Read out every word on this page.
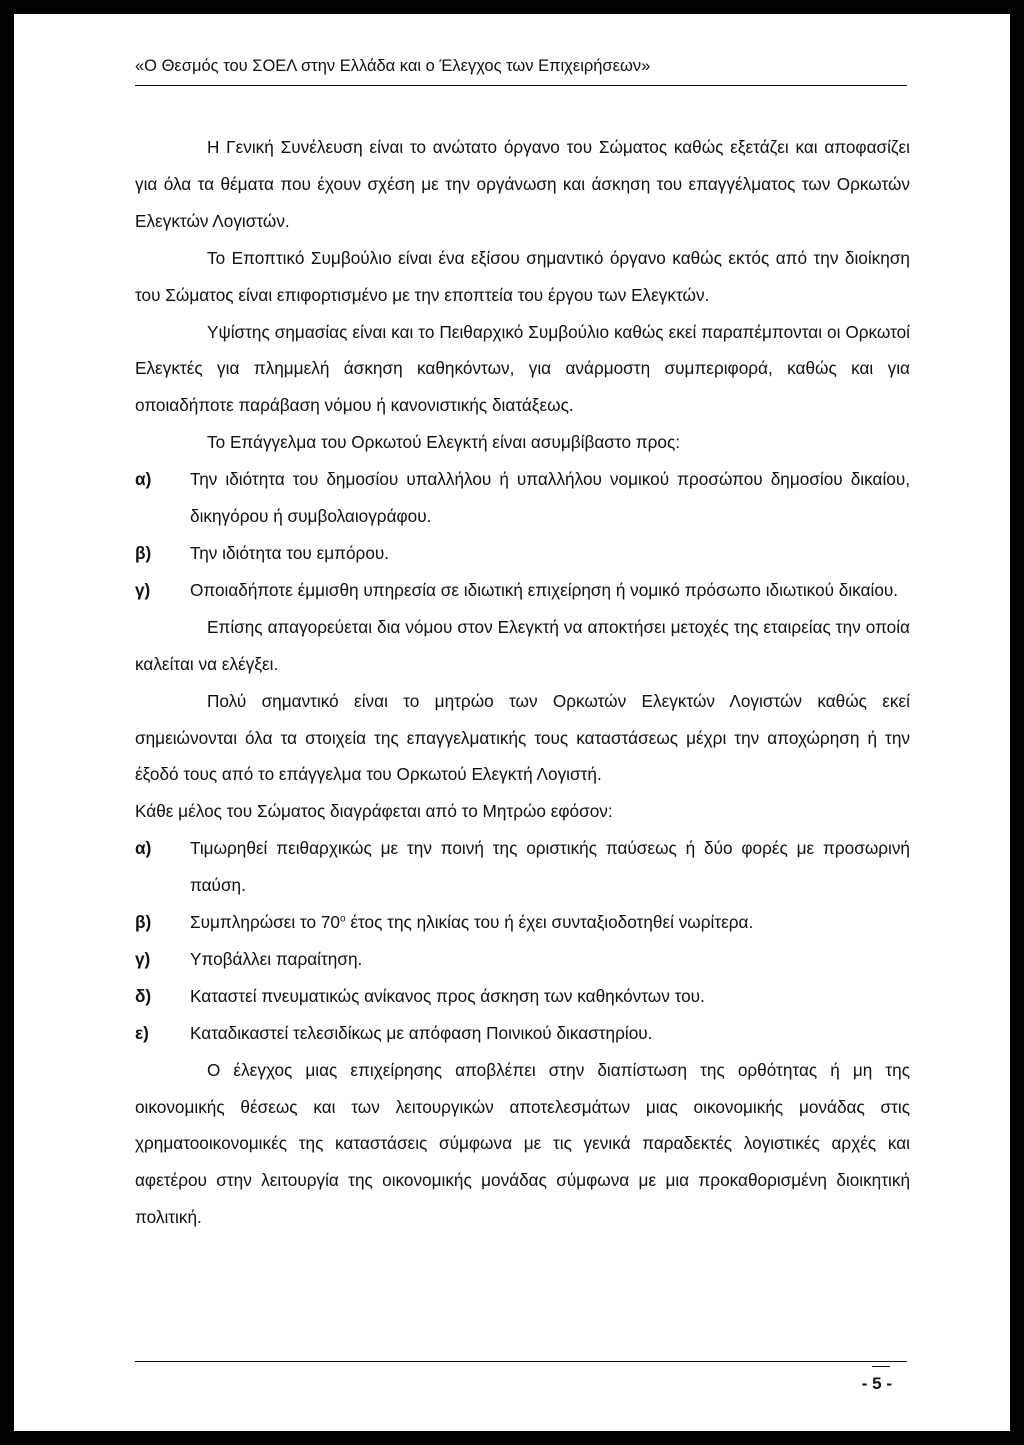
«Ο Θεσμός του ΣΟΕΛ στην Ελλάδα και ο Έλεγχος των Επιχειρήσεων»

Η Γενική Συνέλευση είναι το ανώτατο όργανο του Σώματος καθώς εξετάζει και αποφασίζει για όλα τα θέματα που έχουν σχέση με την οργάνωση και άσκηση του επαγγέλματος των Ορκωτών Ελεγκτών Λογιστών.

Το Εποπτικό Συμβούλιο είναι ένα εξίσου σημαντικό όργανο καθώς εκτός από την διοίκηση του Σώματος είναι επιφορτισμένο με την εποπτεία του έργου των Ελεγκτών.

Υψίστης σημασίας είναι και το Πειθαρχικό Συμβούλιο καθώς εκεί παραπέμπονται οι Ορκωτοί Ελεγκτές για πλημμελή άσκηση καθηκόντων, για ανάρμοστη συμπεριφορά, καθώς και για οποιαδήποτε παράβαση νόμου ή κανονιστικής διατάξεως.

Το Επάγγελμα του Ορκωτού Ελεγκτή είναι ασυμβίβαστο προς:

α)	Την ιδιότητα του δημοσίου υπαλλήλου ή υπαλλήλου νομικού προσώπου δημοσίου δικαίου, δικηγόρου ή συμβολαιογράφου.
β)	Την ιδιότητα του εμπόρου.
γ)	Οποιαδήποτε έμμισθη υπηρεσία σε ιδιωτική επιχείρηση ή νομικό πρόσωπο ιδιωτικού δικαίου.

Επίσης απαγορεύεται δια νόμου στον Ελεγκτή να αποκτήσει μετοχές της εταιρείας την οποία καλείται να ελέγξει.

Πολύ σημαντικό είναι το μητρώο των Ορκωτών Ελεγκτών Λογιστών καθώς εκεί σημειώνονται όλα τα στοιχεία της επαγγελματικής τους καταστάσεως μέχρι την αποχώρηση ή την έξοδό τους από το επάγγελμα του Ορκωτού Ελεγκτή Λογιστή.

Κάθε μέλος του Σώματος διαγράφεται από το Μητρώο εφόσον:

α)	Τιμωρηθεί πειθαρχικώς με την ποινή της οριστικής παύσεως ή δύο φορές με προσωρινή παύση.
β)	Συμπληρώσει το $70^o$ έτος της ηλικίας του ή έχει συνταξιοδοτηθεί νωρίτερα.
γ)	Υποβάλλει παραίτηση.
δ)	Καταστεί πνευματικώς ανίκανος προς άσκηση των καθηκόντων του.
ε)	Καταδικαστεί τελεσιδίκως με απόφαση Ποινικού δικαστηρίου.

Ο έλεγχος μιας επιχείρησης αποβλέπει στην διαπίστωση της ορθότητας ή μη της οικονομικής θέσεως και των λειτουργικών αποτελεσμάτων μιας οικονομικής μονάδας στις χρηματοοικονομικές της καταστάσεις σύμφωνα με τις γενικά παραδεκτές λογιστικές αρχές και αφετέρου στην λειτουργία της οικονομικής μονάδας σύμφωνα με μια προκαθορισμένη διοικητική πολιτική.

- 5 -
